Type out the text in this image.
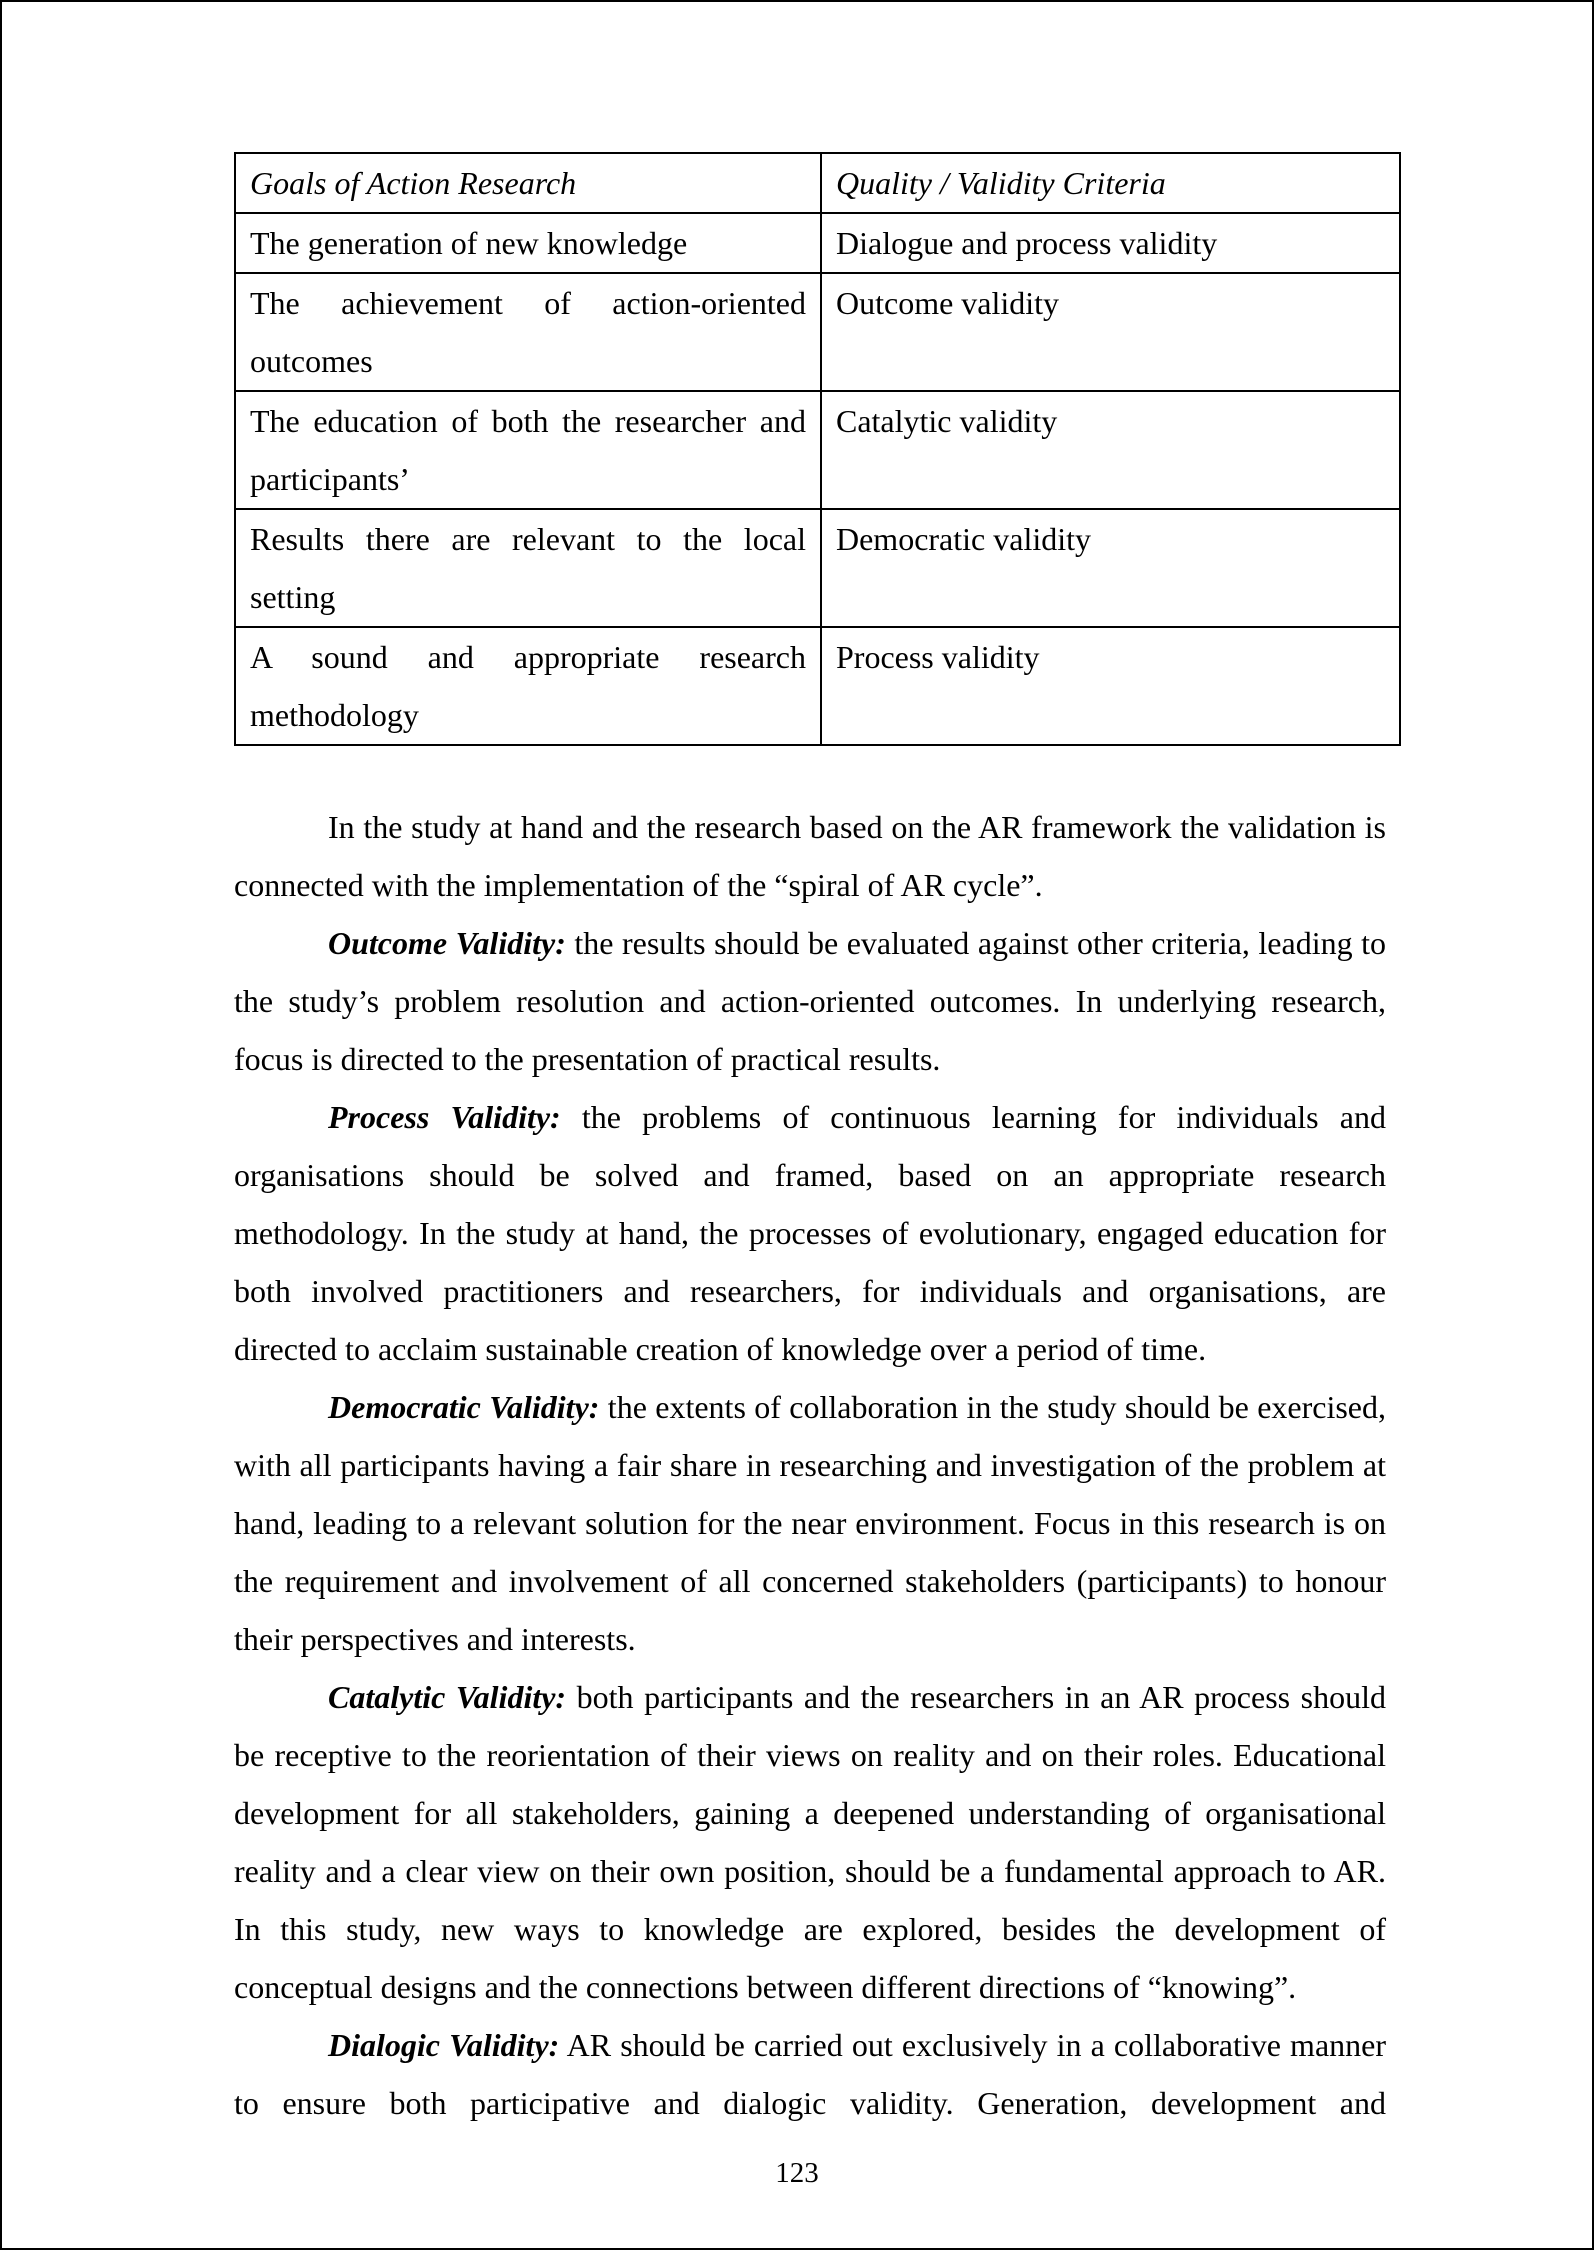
Goals of Action Research	Quality / Validity Criteria
The generation of new knowledge	Dialogue and process validity
The achievement of action-oriented outcomes	Outcome validity
The education of both the researcher and participants’	Catalytic validity
Results there are relevant to the local setting	Democratic validity
A sound and appropriate research methodology	Process validity

In the study at hand and the research based on the AR framework the validation is connected with the implementation of the “spiral of AR cycle”.

Outcome Validity: the results should be evaluated against other criteria, leading to the study’s problem resolution and action-oriented outcomes. In underlying research, focus is directed to the presentation of practical results.

Process Validity: the problems of continuous learning for individuals and organisations should be solved and framed, based on an appropriate research methodology. In the study at hand, the processes of evolutionary, engaged education for both involved practitioners and researchers, for individuals and organisations, are directed to acclaim sustainable creation of knowledge over a period of time.

Democratic Validity: the extents of collaboration in the study should be exercised, with all participants having a fair share in researching and investigation of the problem at hand, leading to a relevant solution for the near environment. Focus in this research is on the requirement and involvement of all concerned stakeholders (participants) to honour their perspectives and interests.

Catalytic Validity: both participants and the researchers in an AR process should be receptive to the reorientation of their views on reality and on their roles. Educational development for all stakeholders, gaining a deepened understanding of organisational reality and a clear view on their own position, should be a fundamental approach to AR. In this study, new ways to knowledge are explored, besides the development of conceptual designs and the connections between different directions of “knowing”.

Dialogic Validity: AR should be carried out exclusively in a collaborative manner to ensure both participative and dialogic validity. Generation, development and

123
